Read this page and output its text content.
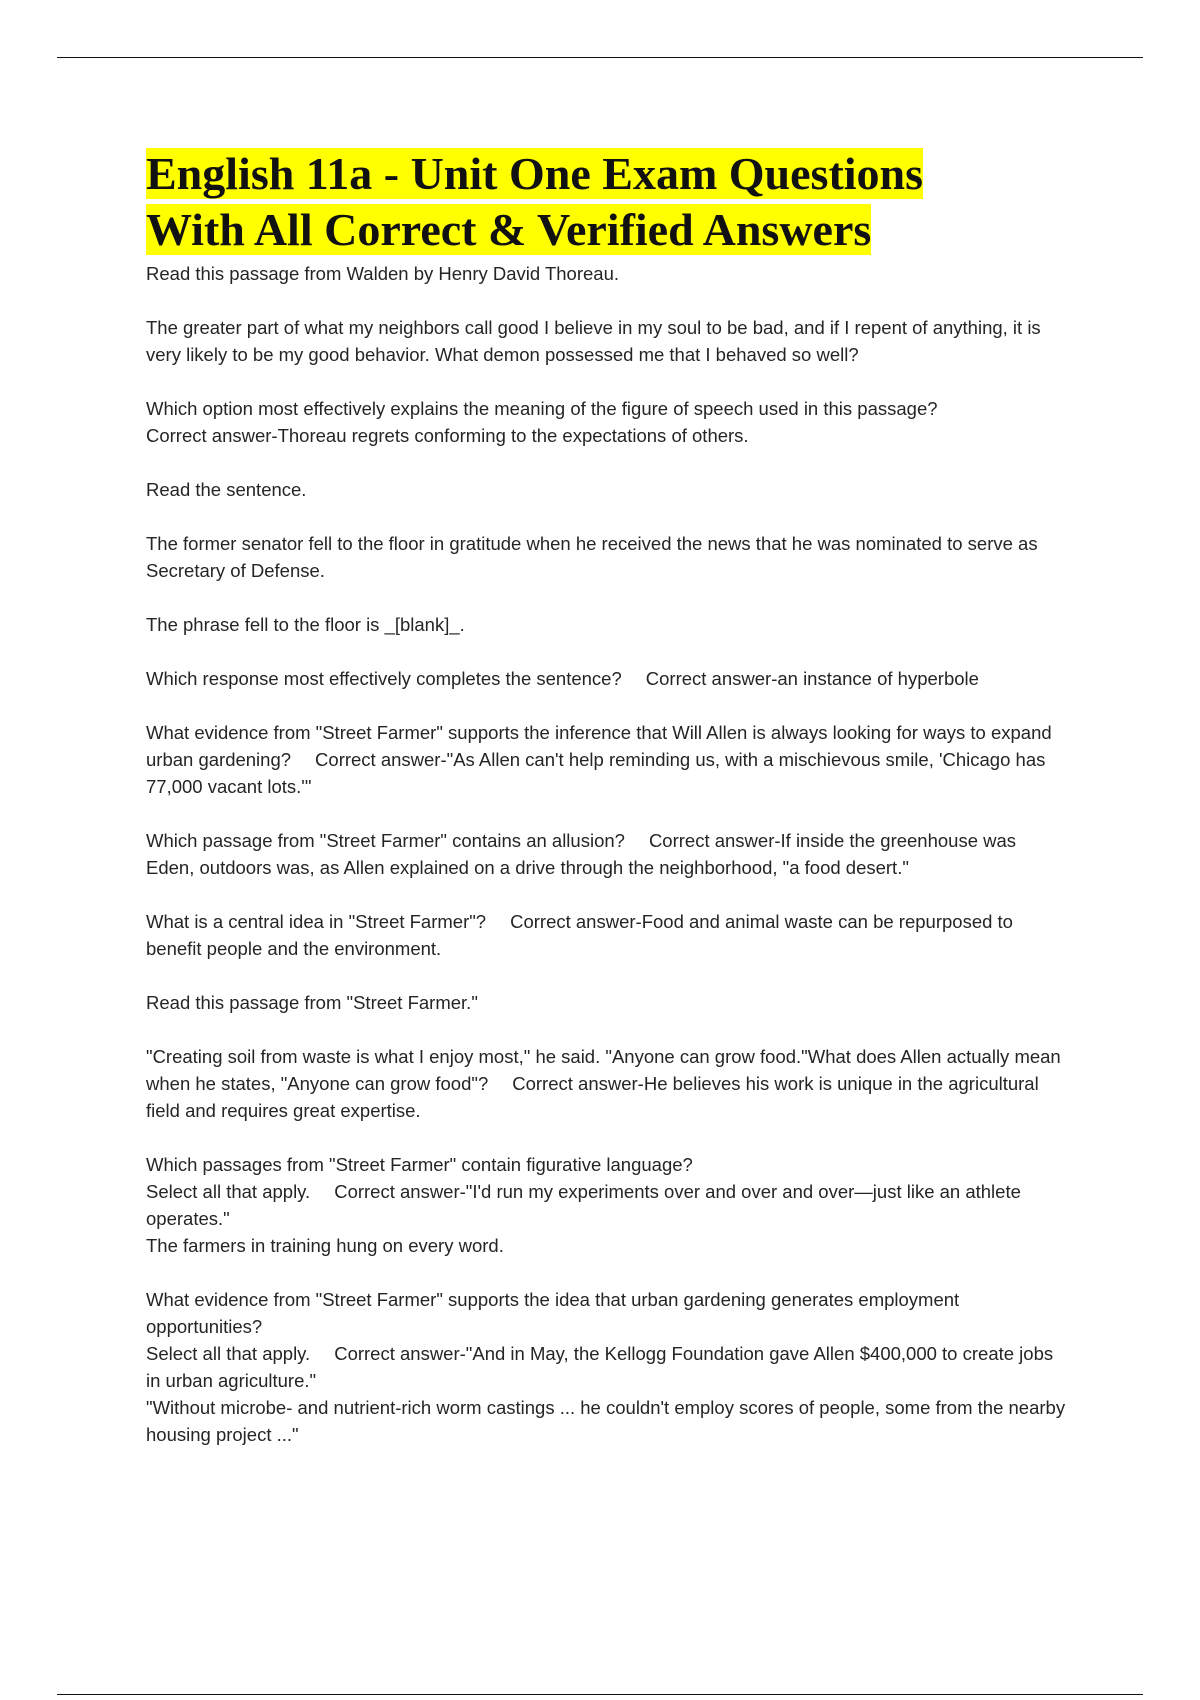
English 11a - Unit One Exam Questions
With All Correct & Verified Answers

Read this passage from Walden by Henry David Thoreau.

The greater part of what my neighbors call good I believe in my soul to be bad, and if I repent of anything, it is very likely to be my good behavior. What demon possessed me that I behaved so well?

Which option most effectively explains the meaning of the figure of speech used in this passage?
Correct answer-Thoreau regrets conforming to the expectations of others.

Read the sentence.

The former senator fell to the floor in gratitude when he received the news that he was nominated to serve as Secretary of Defense.

The phrase fell to the floor is _[blank]_.

Which response most effectively completes the sentence? Correct answer-an instance of hyperbole

What evidence from "Street Farmer" supports the inference that Will Allen is always looking for ways to expand urban gardening? Correct answer-"As Allen can't help reminding us, with a mischievous smile, 'Chicago has 77,000 vacant lots.'"

Which passage from "Street Farmer" contains an allusion? Correct answer-If inside the greenhouse was Eden, outdoors was, as Allen explained on a drive through the neighborhood, "a food desert."

What is a central idea in "Street Farmer"? Correct answer-Food and animal waste can be repurposed to benefit people and the environment.

Read this passage from "Street Farmer."

"Creating soil from waste is what I enjoy most," he said. "Anyone can grow food."What does Allen actually mean when he states, "Anyone can grow food"? Correct answer-He believes his work is unique in the agricultural field and requires great expertise.

Which passages from "Street Farmer" contain figurative language?
Select all that apply. Correct answer-"I'd run my experiments over and over and over—just like an athlete operates."
The farmers in training hung on every word.

What evidence from "Street Farmer" supports the idea that urban gardening generates employment opportunities?
Select all that apply. Correct answer-"And in May, the Kellogg Foundation gave Allen $400,000 to create jobs in urban agriculture."
"Without microbe- and nutrient-rich worm castings ... he couldn't employ scores of people, some from the nearby housing project ..."
